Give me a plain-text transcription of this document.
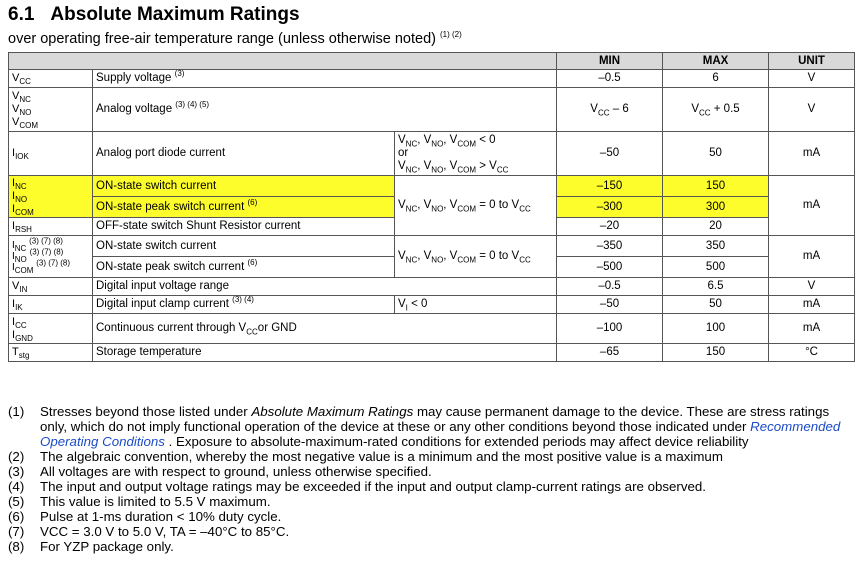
6.1 Absolute Maximum Ratings
over operating free-air temperature range (unless otherwise noted) $^{(1) (2)}$
			MIN	MAX	UNIT
$V_{CC}$	Supply voltage $^{(3)}$		–0.5	6	V
$V_{NC}$
$V_{NO}$
$V_{COM}$	Analog voltage $^{(3) (4) (5)}$		$V_{CC} - 6$	$V_{CC} + 0.5$	V
$I_{IOK}$	Analog port diode current	$V_{NC}$, $V_{NO}$, $V_{COM} < 0$
or
$V_{NC}$, $V_{NO}$, $V_{COM} > V_{CC}$	–50	50	mA
$I_{NC}$
$I_{NO}$
$I_{COM}$	ON-state switch current	$V_{NC}$, $V_{NO}$, $V_{COM} = 0$ to $V_{CC}$	–150	150	mA
	ON-state peak switch current $^{(6)}$		–300	300	
$I_{RSH}$	OFF-state switch Shunt Resistor current		–20	20	
$I_{NC}$ $^{(3) (7) (8)}$
$I_{NO}$ $^{(3) (7) (8)}$
$I_{COM}$ $^{(3) (7) (8)}$	ON-state switch current	$V_{NC}$, $V_{NO}$, $V_{COM} = 0$ to $V_{CC}$	–350	350	mA
	ON-state peak switch current $^{(6)}$		–500	500	
$V_{IN}$	Digital input voltage range		–0.5	6.5	V
$I_{IK}$	Digital input clamp current $^{(3) (4)}$	$V_I < 0$	–50	50	mA
$I_{CC}$
$I_{GND}$	Continuous current through $V_{CC}or$ GND		–100	100	mA
$T_{stg}$	Storage temperature		–65	150	°C
(1)	Stresses beyond those listed under Absolute Maximum Ratings may cause permanent damage to the device. These are stress ratings only, which do not imply functional operation of the device at these or any other conditions beyond those indicated under Recommended Operating Conditions . Exposure to absolute-maximum-rated conditions for extended periods may affect device reliability
(2)	The algebraic convention, whereby the most negative value is a minimum and the most positive value is a maximum
(3)	All voltages are with respect to ground, unless otherwise specified.
(4)	The input and output voltage ratings may be exceeded if the input and output clamp-current ratings are observed.
(5)	This value is limited to 5.5 V maximum.
(6)	Pulse at 1-ms duration < 10% duty cycle.
(7)	VCC = 3.0 V to 5.0 V, TA = –40°C to 85°C.
(8)	For YZP package only.
